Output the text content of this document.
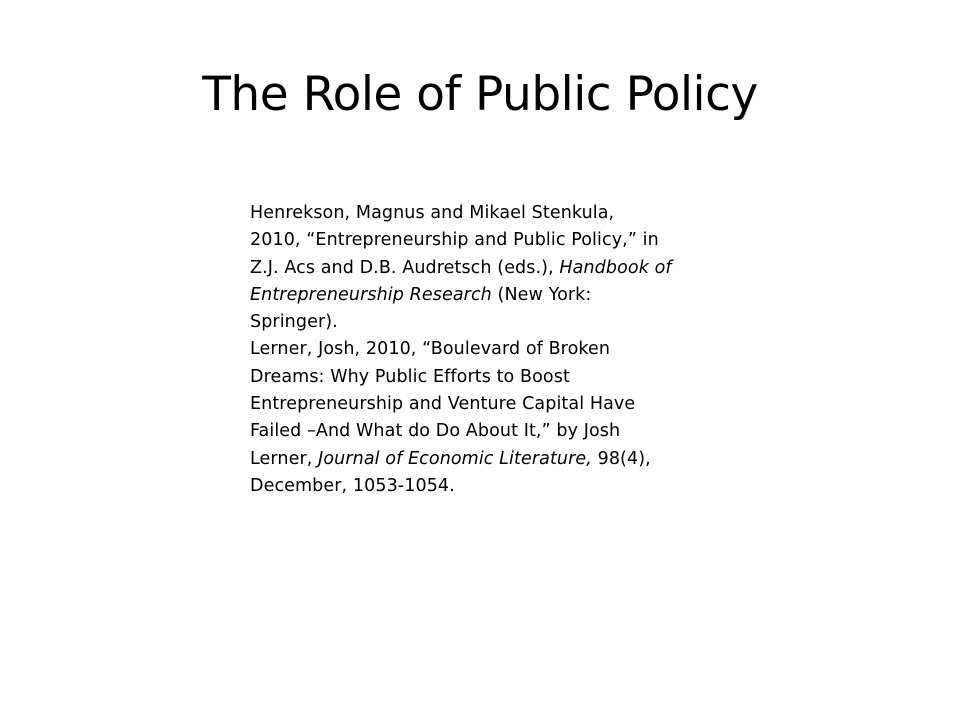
The Role of Public Policy
Henrekson, Magnus and Mikael Stenkula,
2010, “Entrepreneurship and Public Policy,” in
Z.J. Acs and D.B. Audretsch (eds.), Handbook of
Entrepreneurship Research (New York:
Springer).
Lerner, Josh, 2010, “Boulevard of Broken
Dreams: Why Public Efforts to Boost
Entrepreneurship and Venture Capital Have
Failed –And What do Do About It,” by Josh
Lerner, Journal of Economic Literature, 98(4),
December, 1053-1054.
